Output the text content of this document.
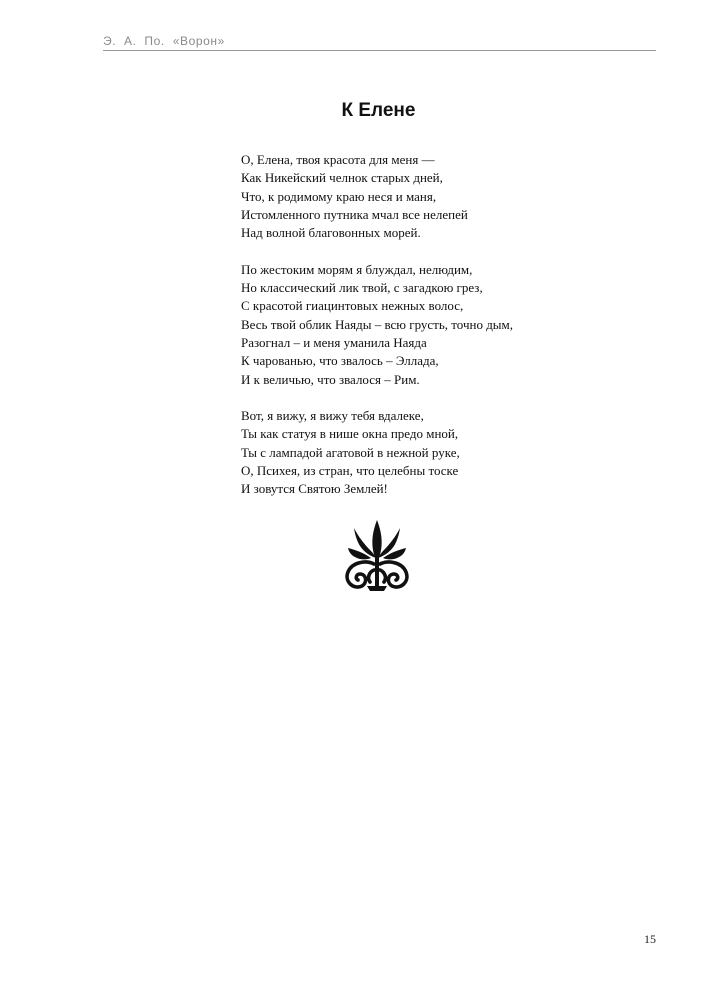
Э.  А.  По.  «Ворон»
К Елене
О, Елена, твоя красота для меня —
Как Никейский челнок старых дней,
Что, к родимому краю неся и маня,
Истомленного путника мчал все нелепей
Над волной благовонных морей.
По жестоким морям я блуждал, нелюдим,
Но классический лик твой, с загадкою грез,
С красотой гиацинтовых нежных волос,
Весь твой облик Наяды – всю грусть, точно дым,
Разогнал – и меня уманила Наяда
К чарованью, что звалось – Эллада,
И к величью, что звалося – Рим.
Вот, я вижу, я вижу тебя вдалеке,
Ты как статуя в нише окна предо мной,
Ты с лампадой агатовой в нежной руке,
О, Психея, из стран, что целебны тоске
И зовутся Святою Землей!
15
